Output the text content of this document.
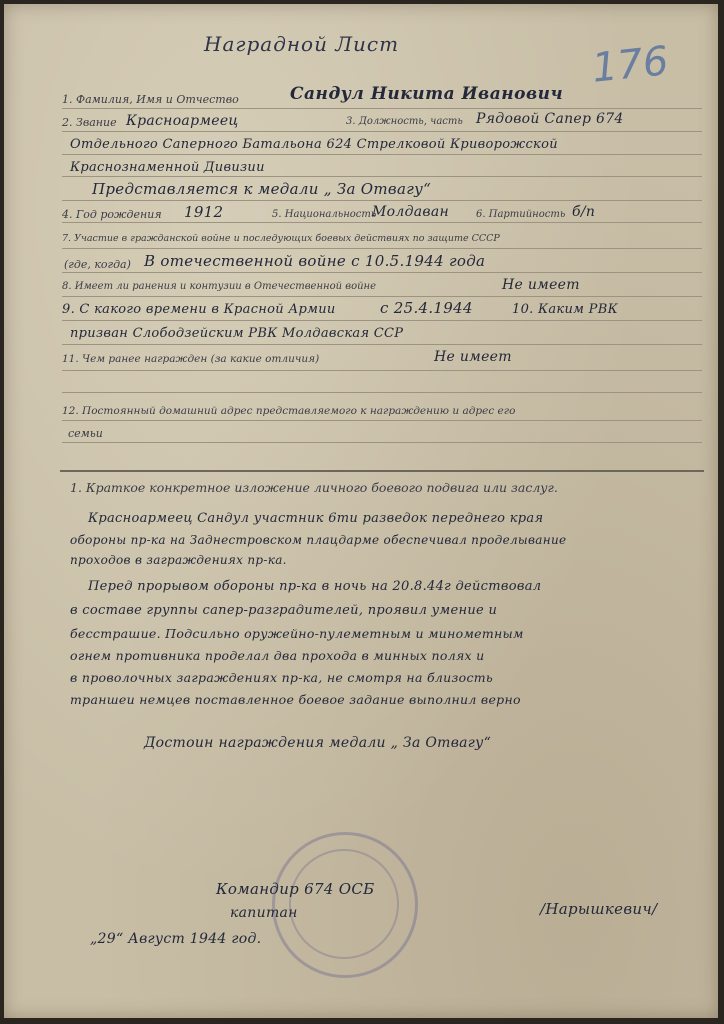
Наградной Лист	176
1. Фамилия, Имя и Отчество	Сандул Никита Иванович
2. Звание Красноармеец	3. Должность, часть Рядовой Сапер 674
Отдельного Саперного Батальона 624 Стрелковой Криворожской
Краснознаменной Дивизии
Представляется к медали „ За Отвагу“
4. Год рождения 1912	5. Национальность
Молдаван	6. Партийность б/п
7. Участие в гражданской войне и последующих боевых действиях по защите СССР
(где, когда) В отечественной войне с 10.5.1944 года
8. Имеет ли ранения и контузии в Отечественной войне	Не имеет
9. С какого времени в Красной Армии	с 25.4.1944	10. Каким РВК
призван Слободзейским РВК Молдавская ССР
11. Чем ранее награжден (за какие отличия)	Не имеет
12. Постоянный домашний адрес представляемого к награждению и адрес его
семьи
1. Краткое конкретное изложение личного боевого подвига или заслуг.
Красноармеец Сандул участник 6ти разведок переднего края
обороны пр-ка на Заднестровском плацдарме обеспечивал проделывание
проходов в заграждениях пр-ка.
Перед прорывом обороны пр-ка в ночь на 20.8.44г действовал
в составе группы сапер-разградителей, проявил умение и
бесстрашие. Подсильно оружейно-пулеметным и минометным
огнем противника проделал два прохода в минных полях и
в проволочных заграждениях пр-ка, не смотря на близость
траншеи немцев поставленное боевое задание выполнил верно
Достоин награждения медали „ За Отвагу“
Командир 674 ОСБ
капитан	/Нарышкевич/
„29“ Август 1944 год.
